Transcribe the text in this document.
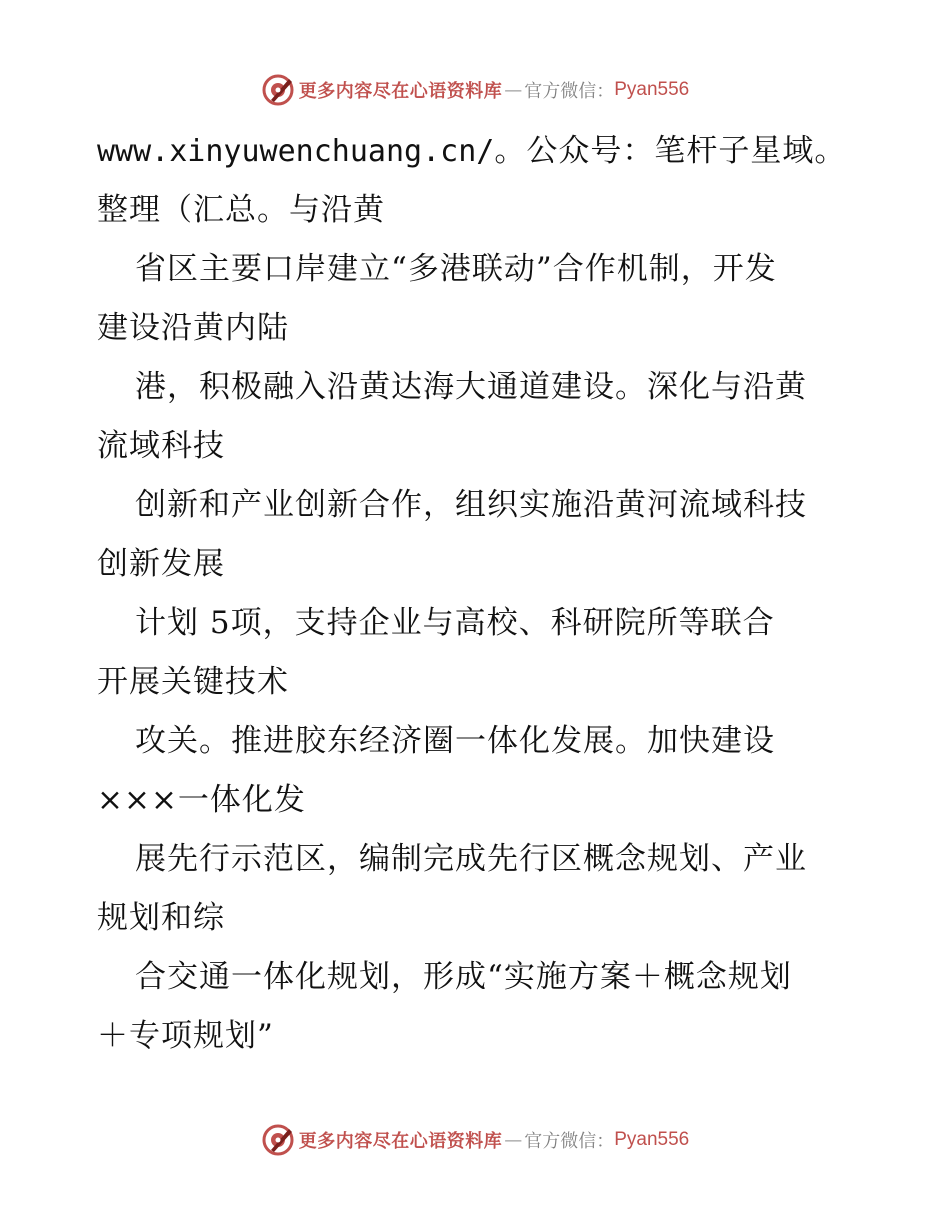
更多内容尽在心语资料库 — 官方微信： Pyan556
www.xinyuwenchuang.cn/。公众号：笔杆子星域。
整理（汇总。与沿黄
省区主要口岸建立“多港联动”合作机制，开发
建设沿黄内陆
港，积极融入沿黄达海大通道建设。深化与沿黄
流域科技
创新和产业创新合作，组织实施沿黄河流域科技
创新发展
计划 5项，支持企业与高校、科研院所等联合
开展关键技术
攻关。推进胶东经济圈一体化发展。加快建设
×××一体化发
展先行示范区，编制完成先行区概念规划、产业
规划和综
合交通一体化规划，形成“实施方案＋概念规划
＋专项规划”
更多内容尽在心语资料库 — 官方微信： Pyan556
